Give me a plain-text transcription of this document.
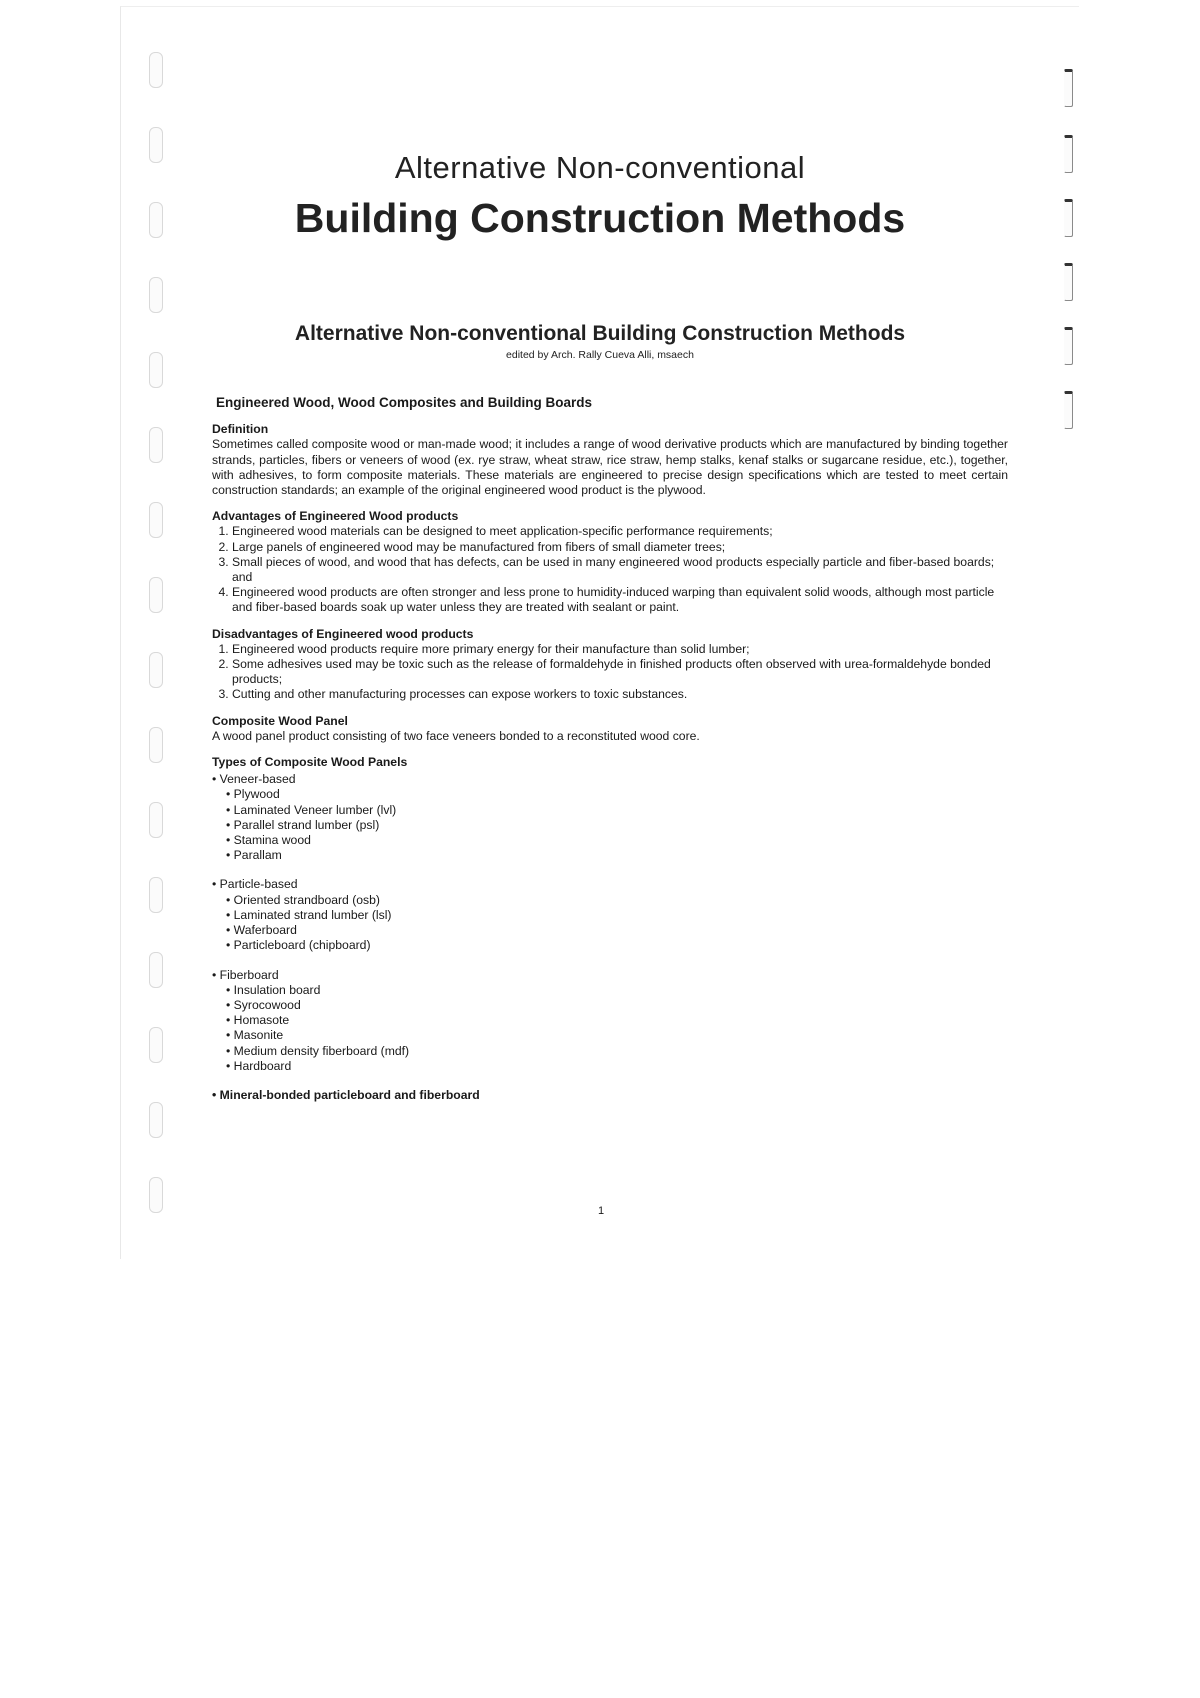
Alternative Non-conventional
Building Construction Methods
Alternative Non-conventional Building Construction Methods
edited by Arch. Rally Cueva Alli, msaech
Engineered Wood, Wood Composites and Building Boards
Definition

Sometimes called composite wood or man-made wood; it includes a range of wood derivative products which are manufactured by binding together strands, particles, fibers or veneers of wood (ex. rye straw, wheat straw, rice straw, hemp stalks, kenaf stalks or sugarcane residue, etc.), together, with adhesives, to form composite materials. These materials are engineered to precise design specifications which are tested to meet certain construction standards; an example of the original engineered wood product is the plywood.

Advantages of Engineered Wood products
1. Engineered wood materials can be designed to meet application-specific performance requirements;
2. Large panels of engineered wood may be manufactured from fibers of small diameter trees;
3. Small pieces of wood, and wood that has defects, can be used in many engineered wood products especially particle and fiber-based boards; and
4. Engineered wood products are often stronger and less prone to humidity-induced warping than equivalent solid woods, although most particle and fiber-based boards soak up water unless they are treated with sealant or paint.
Disadvantages of Engineered wood products
1. Engineered wood products require more primary energy for their manufacture than solid lumber;
2. Some adhesives used may be toxic such as the release of formaldehyde in finished products often observed with urea-formaldehyde bonded products;
3. Cutting and other manufacturing processes can expose workers to toxic substances.
Composite Wood Panel

A wood panel product consisting of two face veneers bonded to a reconstituted wood core.

Types of Composite Wood Panels
• Veneer-based
• Plywood
• Laminated Veneer lumber (lvl)
• Parallel strand lumber (psl)
• Stamina wood
• Parallam
• Particle-based
• Oriented strandboard (osb)
• Laminated strand lumber (lsl)
• Waferboard
• Particleboard (chipboard)
• Fiberboard
• Insulation board
• Syrocowood
• Homasote
• Masonite
• Medium density fiberboard (mdf)
• Hardboard
• Mineral-bonded particleboard and fiberboard
1
